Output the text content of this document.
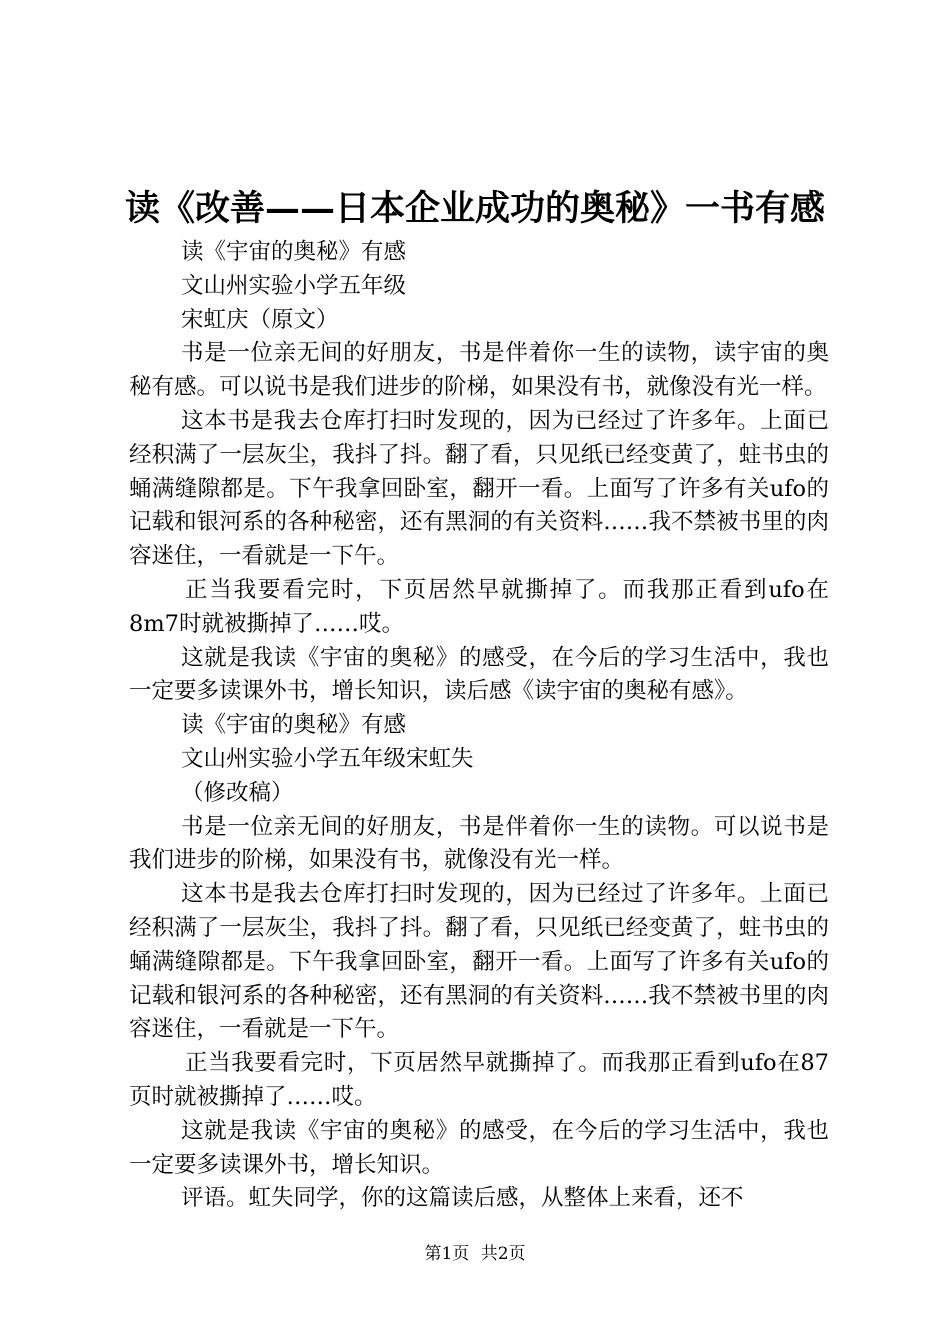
读《改善——日本企业成功的奥秘》一书有感

读《宇宙的奥秘》有感

文山州实验小学五年级

宋虹庆（原文）

书是一位亲无间的好朋友，书是伴着你一生的读物，读宇宙的奥秘有感。可以说书是我们进步的阶梯，如果没有书，就像没有光一样。

这本书是我去仓库打扫时发现的，因为已经过了许多年。上面已经积满了一层灰尘，我抖了抖。翻了看，只见纸已经变黄了，蛀书虫的蛹满缝隙都是。下午我拿回卧室，翻开一看。上面写了许多有关ufo的记载和银河系的各种秘密，还有黑洞的有关资料……我不禁被书里的肉容迷住，一看就是一下午。

正当我要看完时，下页居然早就撕掉了。而我那正看到ufo在8m7时就被撕掉了……哎。

这就是我读《宇宙的奥秘》的感受，在今后的学习生活中，我也一定要多读课外书，增长知识，读后感《读宇宙的奥秘有感》。

读《宇宙的奥秘》有感

文山州实验小学五年级宋虹失

（修改稿）

书是一位亲无间的好朋友，书是伴着你一生的读物。可以说书是我们进步的阶梯，如果没有书，就像没有光一样。

这本书是我去仓库打扫时发现的，因为已经过了许多年。上面已经积满了一层灰尘，我抖了抖。翻了看，只见纸已经变黄了，蛀书虫的蛹满缝隙都是。下午我拿回卧室，翻开一看。上面写了许多有关ufo的记载和银河系的各种秘密，还有黑洞的有关资料……我不禁被书里的肉容迷住，一看就是一下午。

正当我要看完时，下页居然早就撕掉了。而我那正看到ufo在87页时就被撕掉了……哎。

这就是我读《宇宙的奥秘》的感受，在今后的学习生活中，我也一定要多读课外书，增长知识。

评语。虹失同学，你的这篇读后感，从整体上来看，还不

第1页 共2页
